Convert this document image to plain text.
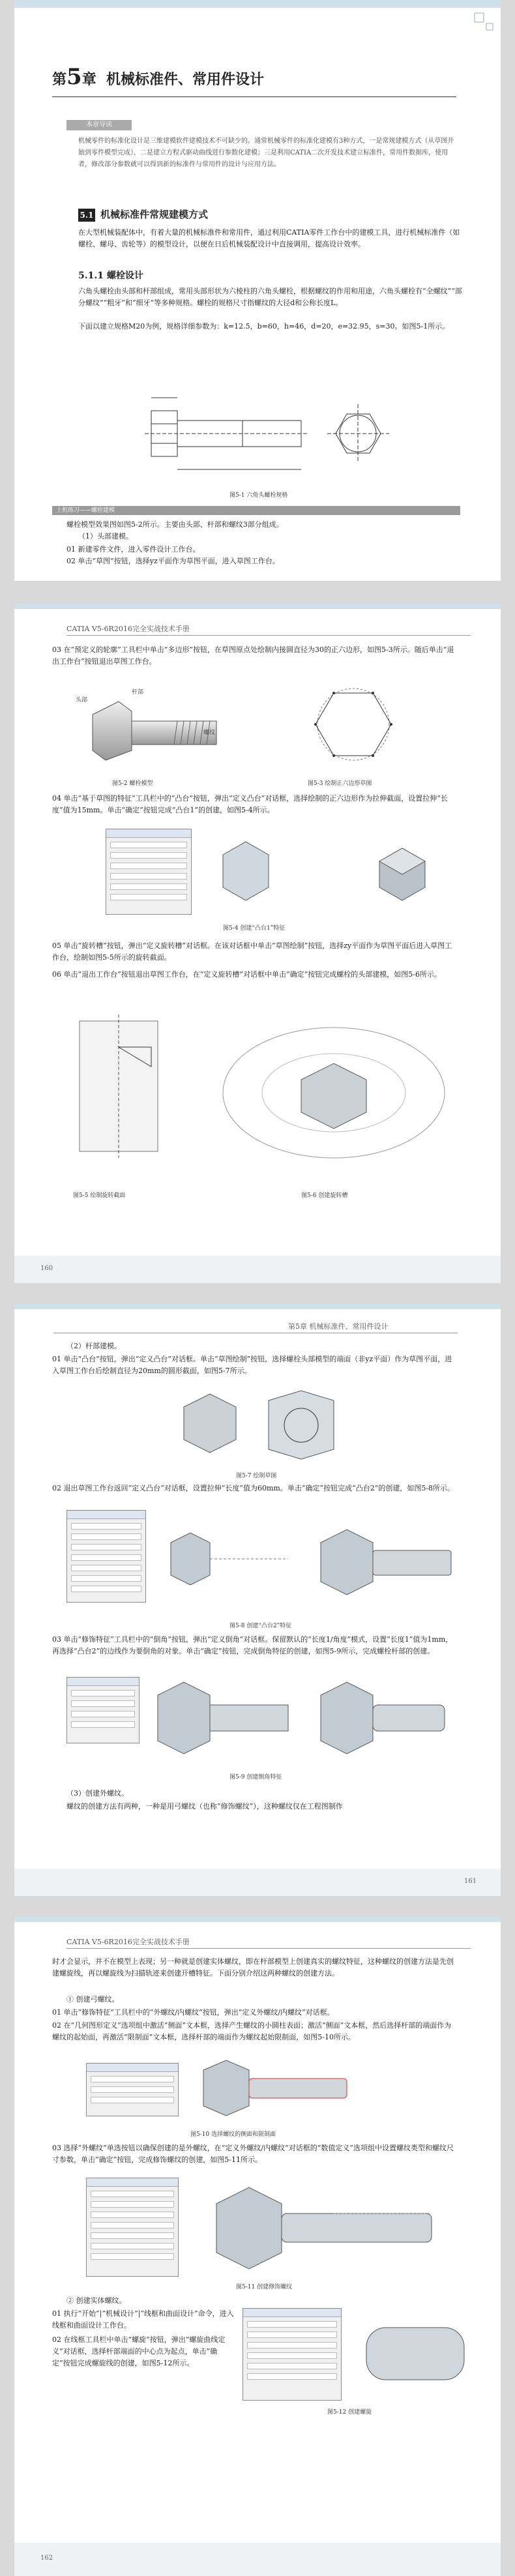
第5章 机械标准件、常用件设计
本章导读
机械零件的标准化设计是三维建模软件建模技术不可缺少的。通常机械零件的标准化建模有3种方式，一是常规建模方式（从草图开始到零件模型完成），二是建立方程式驱动曲线进行参数化建模；三是利用CATIA二次开发技术建立标准件，常用件数据库，使用者，修改部分参数就可以得到新的标准件与常用件的设计与应用方法。
5.1 机械标准件常规建模方式
在大型机械装配体中，有着大量的机械标准件和常用件，通过利用CATIA零件工作台中的建模工具，进行机械标准件（如螺栓、螺母、齿轮等）的模型设计，以便在日后机械装配设计中直接调用，提高设计效率。
5.1.1 螺栓设计
六角头螺栓由头部和杆部组成，常用头部形状为六棱柱的六角头螺栓，根据螺纹的作用和用途，六角头螺栓有“全螺纹”“部分螺纹”“粗牙”和“细牙”等多种规格。螺栓的规格尺寸指螺纹的大径d和公称长度L。
下面以建立规格M20为例，规格详细参数为：k=12.5，b=60，h=46，d=20，e=32.95，s=30。如图5-1所示。
图5-1 六角头螺栓规格
上机练习——螺栓建模
螺栓模型效果图如图5-2所示。主要由头部、杆部和螺纹3部分组成。
（1）头部建模。
01 新建零件文件，进入零件设计工作台。
02 单击“草图”按钮，选择yz平面作为草图平面，进入草图工作台。
CATIA V5-6R2016完全实战技术手册
03 在“预定义的轮廓”工具栏中单击“多边形”按钮，在草图原点处绘制内接圆直径为30的正六边形，如图5-3所示。随后单击“退出工作台”按钮退出草图工作台。
头部
杆部
螺纹
图5-2 螺栓模型	图5-3 绘制正六边形草图
04 单击“基于草图的特征”工具栏中的“凸台”按钮，弹出“定义凸台”对话框，选择绘制的正六边形作为拉伸截面，设置拉伸“长度”值为15mm。单击“确定”按钮完成“凸台1”的创建，如图5-4所示。
图5-4 创建“凸台1”特征
05 单击“旋转槽”按钮，弹出“定义旋转槽”对话框。在该对话框中单击“草图绘制”按钮，选择zy平面作为草图平面后进入草图工作台，绘制如图5-5所示的旋转截面。
06 单击“退出工作台”按钮退出草图工作台，在“定义旋转槽”对话框中单击“确定”按钮完成螺栓的头部建模，如图5-6所示。
图5-5 绘制旋转截面	图5-6 创建旋转槽
160
第5章 机械标准件、常用件设计
（2）杆部建模。
01 单击“凸台”按钮，弹出“定义凸台”对话框。单击“草图绘制”按钮，选择螺栓头部模型的端面（非yz平面）作为草图平面，进入草图工作台后绘制直径为20mm的圆形截面，如图5-7所示。
图5-7 绘制草图
02 退出草图工作台返回“定义凸台”对话框，设置拉伸“长度”值为60mm。单击“确定”按钮完成“凸台2”的创建，如图5-8所示。
图5-8 创建“凸台2”特征
03 单击“修饰特征”工具栏中的“倒角”按钮，弹出“定义倒角”对话框。保留默认的“长度1/角度”模式，设置“长度1”值为1mm，再选择“凸台2”的边线作为要倒角的对象。单击“确定”按钮，完成倒角特征的创建，如图5-9所示，完成螺栓杆部的创建。
图5-9 创建倒角特征
（3）创建外螺纹。
螺纹的创建方法有两种，一种是用弓螺纹（也称“修饰螺纹”），这种螺纹仅在工程图制作
161
CATIA V5-6R2016完全实战技术手册
时才会显示，并不在模型上表现；另一种就是创建实体螺纹，即在杆部模型上创建真实的螺纹特征，这种螺纹的创建方法是先创建螺旋线，再以螺旋线为扫描轨迹来创建开槽特征。下面分别介绍这两种螺纹的创建方法。
① 创建弓螺纹。
01 单击“修饰特征”工具栏中的“外螺纹/内螺纹”按钮，弹出“定义外螺纹/内螺纹”对话框。
02 在“几何图形定义”选项组中激活“侧面”文本框，选择产生螺纹的小圆柱表面；激活“侧面”文本框，然后选择杆部的端面作为螺纹的起始面，再激活“限制面”文本框，选择杆部的端面作为螺纹起始限制面，如图5-10所示。
图5-10 选择螺纹的侧面和限制面
03 选择“外螺纹”单选按钮以确保创建的是外螺纹，在“定义外螺纹/内螺纹”对话框的“数值定义”选项组中设置螺纹类型和螺纹尺寸参数，单击“确定”按钮，完成修饰螺纹的创建，如图5-11所示。
图5-11 创建修饰螺纹
② 创建实体螺纹。
01 执行“开始”|“机械设计”|“线框和曲面设计”命令，进入线框和曲面设计工作台。
02 在线框工具栏中单击“螺旋”按钮，弹出“螺旋曲线定义”对话框，选择杆部端面的中心点为起点，单击“确定”按钮完成螺旋线的创建，如图5-12所示。
图5-12 创建螺旋
162
